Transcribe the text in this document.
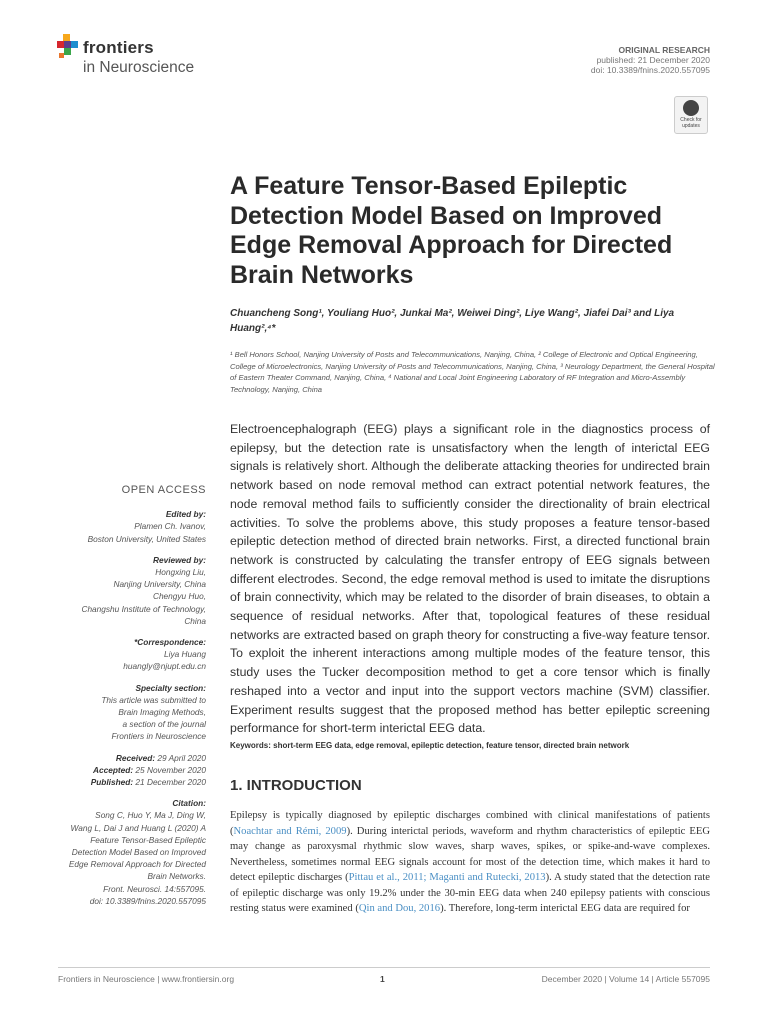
frontiers
in Neuroscience
ORIGINAL RESEARCH
published: 21 December 2020
doi: 10.3389/fnins.2020.557095
Check for updates
A Feature Tensor-Based Epileptic Detection Model Based on Improved Edge Removal Approach for Directed Brain Networks
Chuancheng Song¹, Youliang Huo², Junkai Ma², Weiwei Ding², Liye Wang², Jiafei Dai³ and Liya Huang²,⁴*
¹ Bell Honors School, Nanjing University of Posts and Telecommunications, Nanjing, China, ² College of Electronic and Optical Engineering, College of Microelectronics, Nanjing University of Posts and Telecommunications, Nanjing, China, ³ Neurology Department, the General Hospital of Eastern Theater Command, Nanjing, China, ⁴ National and Local Joint Engineering Laboratory of RF Integration and Micro-Assembly Technology, Nanjing, China
Electroencephalograph (EEG) plays a significant role in the diagnostics process of epilepsy, but the detection rate is unsatisfactory when the length of interictal EEG signals is relatively short. Although the deliberate attacking theories for undirected brain network based on node removal method can extract potential network features, the node removal method fails to sufficiently consider the directionality of brain electrical activities. To solve the problems above, this study proposes a feature tensor-based epileptic detection method of directed brain networks. First, a directed functional brain network is constructed by calculating the transfer entropy of EEG signals between different electrodes. Second, the edge removal method is used to imitate the disruptions of brain connectivity, which may be related to the disorder of brain diseases, to obtain a sequence of residual networks. After that, topological features of these residual networks are extracted based on graph theory for constructing a five-way feature tensor. To exploit the inherent interactions among multiple modes of the feature tensor, this study uses the Tucker decomposition method to get a core tensor which is finally reshaped into a vector and input into the support vectors machine (SVM) classifier. Experiment results suggest that the proposed method has better epileptic screening performance for short-term interictal EEG data.
Keywords: short-term EEG data, edge removal, epileptic detection, feature tensor, directed brain network
1. INTRODUCTION
Epilepsy is typically diagnosed by epileptic discharges combined with clinical manifestations of patients (Noachtar and Rémi, 2009). During interictal periods, waveform and rhythm characteristics of epileptic EEG may change as paroxysmal rhythmic slow waves, sharp waves, spikes, or spike-and-wave complexes. Nevertheless, sometimes normal EEG signals account for most of the detection time, which makes it hard to detect epileptic discharges (Pittau et al., 2011; Maganti and Rutecki, 2013). A study stated that the detection rate of epileptic discharge was only 19.2% under the 30-min EEG data when 240 epilepsy patients with conscious resting status were examined (Qin and Dou, 2016). Therefore, long-term interictal EEG data are required for
OPEN ACCESS
Edited by:
Plamen Ch. Ivanov,
Boston University, United States
Reviewed by:
Hongxing Liu,
Nanjing University, China
Chengyu Huo,
Changshu Institute of Technology,
China
*Correspondence:
Liya Huang
huangly@njupt.edu.cn
Specialty section:
This article was submitted to
Brain Imaging Methods,
a section of the journal
Frontiers in Neuroscience
Received: 29 April 2020
Accepted: 25 November 2020
Published: 21 December 2020
Citation:
Song C, Huo Y, Ma J, Ding W,
Wang L, Dai J and Huang L (2020) A
Feature Tensor-Based Epileptic
Detection Model Based on Improved
Edge Removal Approach for Directed
Brain Networks.
Front. Neurosci. 14:557095.
doi: 10.3389/fnins.2020.557095
Frontiers in Neuroscience | www.frontiersin.org	1	December 2020 | Volume 14 | Article 557095
